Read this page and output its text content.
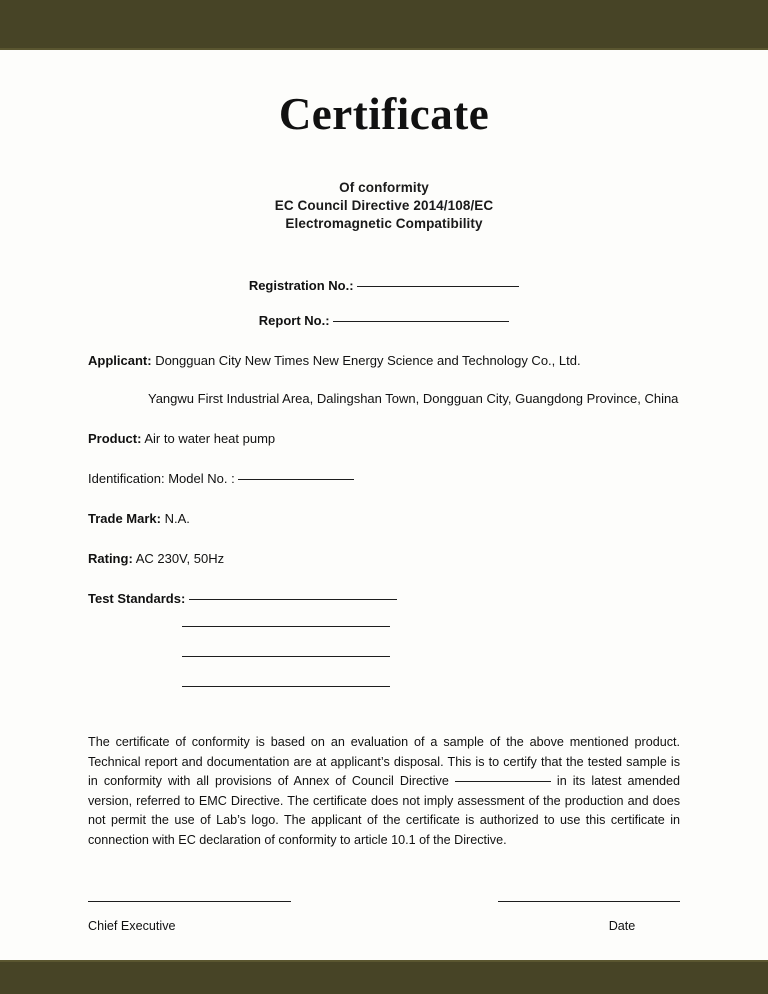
Certificate
Of conformity
EC Council Directive 2014/108/EC
Electromagnetic Compatibility
Registration No.:
Report No.:
Applicant: Dongguan City New Times New Energy Science and Technology Co., Ltd.
Yangwu First Industrial Area, Dalingshan Town, Dongguan City, Guangdong Province, China
Product: Air to water heat pump
Identification: Model No. :
Trade Mark: N.A.
Rating: AC 230V, 50Hz
Test Standards:

The certificate of conformity is based on an evaluation of a sample of the above mentioned product. Technical report and documentation are at applicant’s disposal. This is to certify that the tested sample is in conformity with all provisions of Annex of Council Directive	in its latest amended version, referred to EMC Directive. The certificate does not imply assessment of the production and does not permit the use of Lab’s logo. The applicant of the certificate is authorized to use this certificate in connection with EC declaration of conformity to article 10.1 of the Directive.

Chief Executive	Date
